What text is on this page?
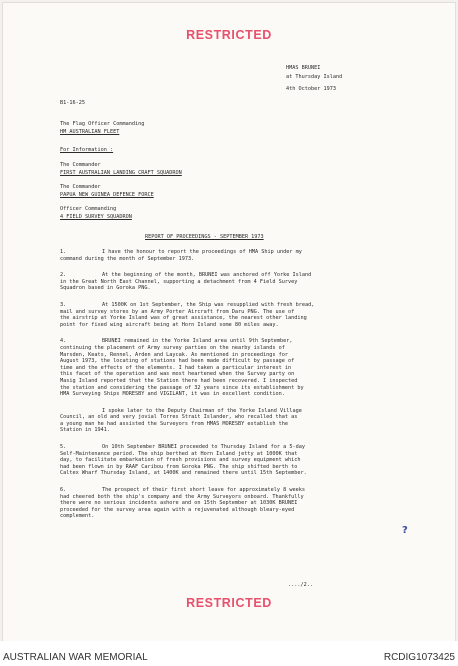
RESTRICTED
HMAS BRUNEI
at Thursday Island
4th October 1973
B1-16-25
The Flag Officer Commanding
HM AUSTRALIAN FLEET
For Information :
The Commander
FIRST AUSTRALIAN LANDING CRAFT SQUADRON
The Commander
PAPUA NEW GUINEA DEFENCE FORCE
Officer Commanding
4 FIELD SURVEY SQUADRON
REPORT OF PROCEEDINGS - SEPTEMBER 1973
1.	I have the honour to report the proceedings of HMA Ship under my
command during the month of September 1973.
2.	At the beginning of the month, BRUNEI was anchored off Yorke Island
in the Great North East Channel, supporting a detachment from 4 Field Survey
Squadron based in Goroka PNG.
3.	At 1500K on 1st September, the Ship was resupplied with fresh bread,
mail and survey stores by an Army Porter Aircraft from Daru PNG. The use of
the airstrip at Yorke Island was of great assistance, the nearest other landing
point for fixed wing aircraft being at Horn Island some 80 miles away.
4.	BRUNEI remained in the Yorke Island area until 9th September,
continuing the placement of Army survey parties on the nearby islands of
Marsden, Keats, Rennel, Arden and Laycak. As mentioned in proceedings for
August 1973, the locating of stations had been made difficult by passage of
time and the effects of the elements. I had taken a particular interest in
this facet of the operation and was most heartened when the Survey party on
Masig Island reported that the Station there had been recovered. I inspected
the station and considering the passage of 32 years since its establishment by
HMA Surveying Ships MORESBY and VIGILANT, it was in excellent condition.
I spoke later to the Deputy Chairman of the Yorke Island Village
Council, an old and very jovial Torres Strait Islander, who recalled that as
a young man he had assisted the Surveyors from HMAS MORESBY establish the
Station in 1941.
5.	On 10th September BRUNEI proceeded to Thursday Island for a 5-day
Self-Maintenance period. The ship berthed at Horn Island jetty at 1000K that
day, to facilitate embarkation of fresh provisions and survey equipment which
had been flown in by RAAF Caribou from Goroka PNG. The ship shifted berth to
Caltex Wharf Thursday Island, at 1400K and remained there until 15th September.
6.	The prospect of their first short leave for approximately 8 weeks
had cheered both the ship's company and the Army Surveyors onboard. Thankfully
there were no serious incidents ashore and on 15th September at 1030K BRUNEI
proceeded for the survey area again with a rejuvenated although bleary-eyed
complement.
?
..../2..
RESTRICTED
AUSTRALIAN WAR MEMORIAL	RCDIG1073425
